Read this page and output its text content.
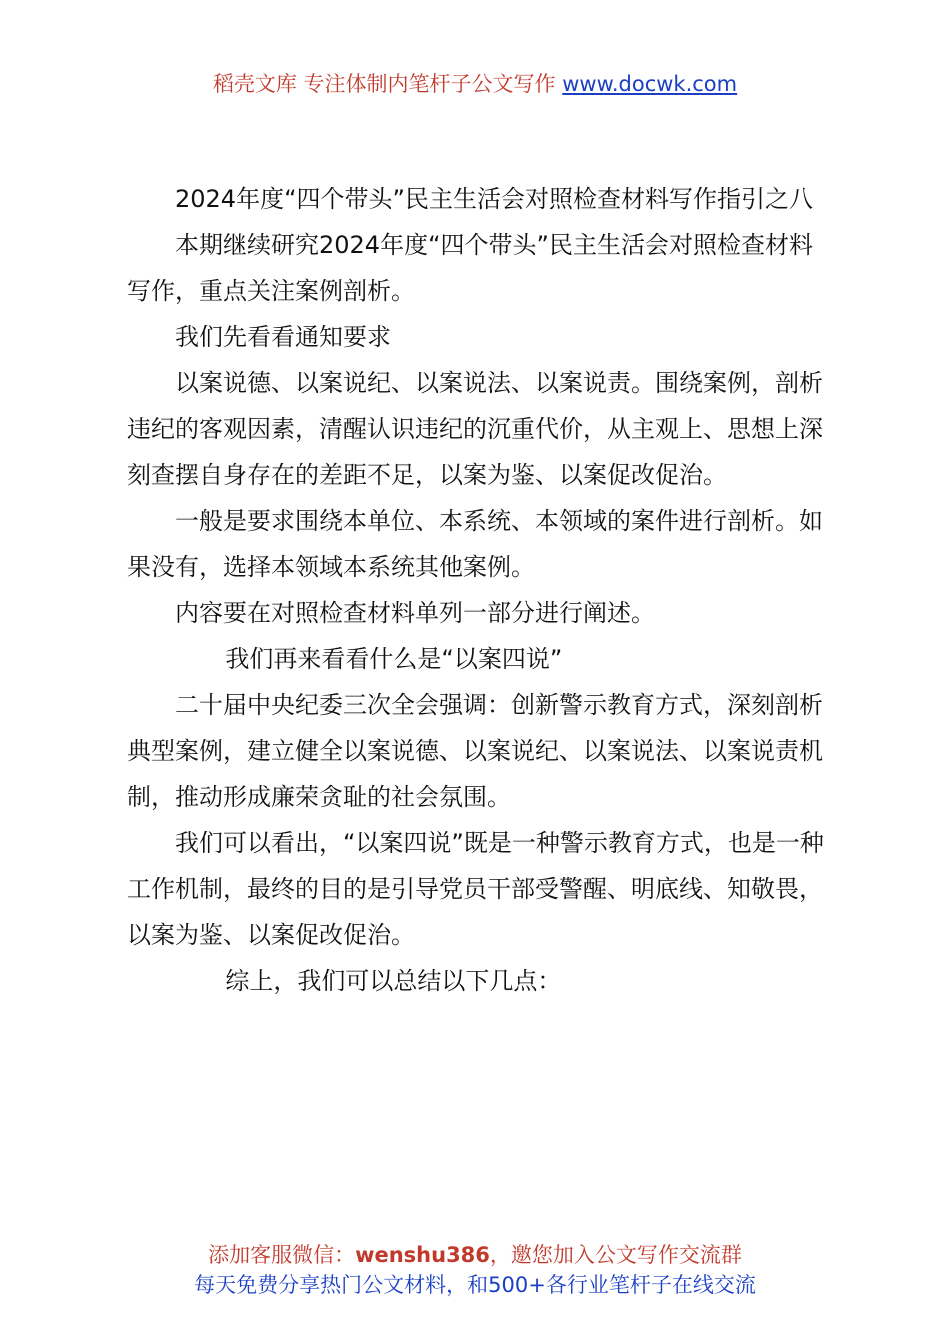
稻壳文库 专注体制内笔杆子公文写作 www.docwk.com

2024年度“四个带头”民主生活会对照检查材料写作指引之八

本期继续研究2024年度“四个带头”民主生活会对照检查材料写作，重点关注案例剖析。

我们先看看通知要求

以案说德、以案说纪、以案说法、以案说责。围绕案例，剖析违纪的客观因素，清醒认识违纪的沉重代价，从主观上、思想上深刻查摆自身存在的差距不足，以案为鉴、以案促改促治。

一般是要求围绕本单位、本系统、本领域的案件进行剖析。如果没有，选择本领域本系统其他案例。

内容要在对照检查材料单列一部分进行阐述。

我们再来看看什么是“以案四说”

二十届中央纪委三次全会强调：创新警示教育方式，深刻剖析典型案例，建立健全以案说德、以案说纪、以案说法、以案说责机制，推动形成廉荣贪耻的社会氛围。

我们可以看出，“以案四说”既是一种警示教育方式，也是一种工作机制，最终的目的是引导党员干部受警醒、明底线、知敬畏，以案为鉴、以案促改促治。

综上，我们可以总结以下几点：

添加客服微信：wenshu386，邀您加入公文写作交流群
每天免费分享热门公文材料，和500+各行业笔杆子在线交流
